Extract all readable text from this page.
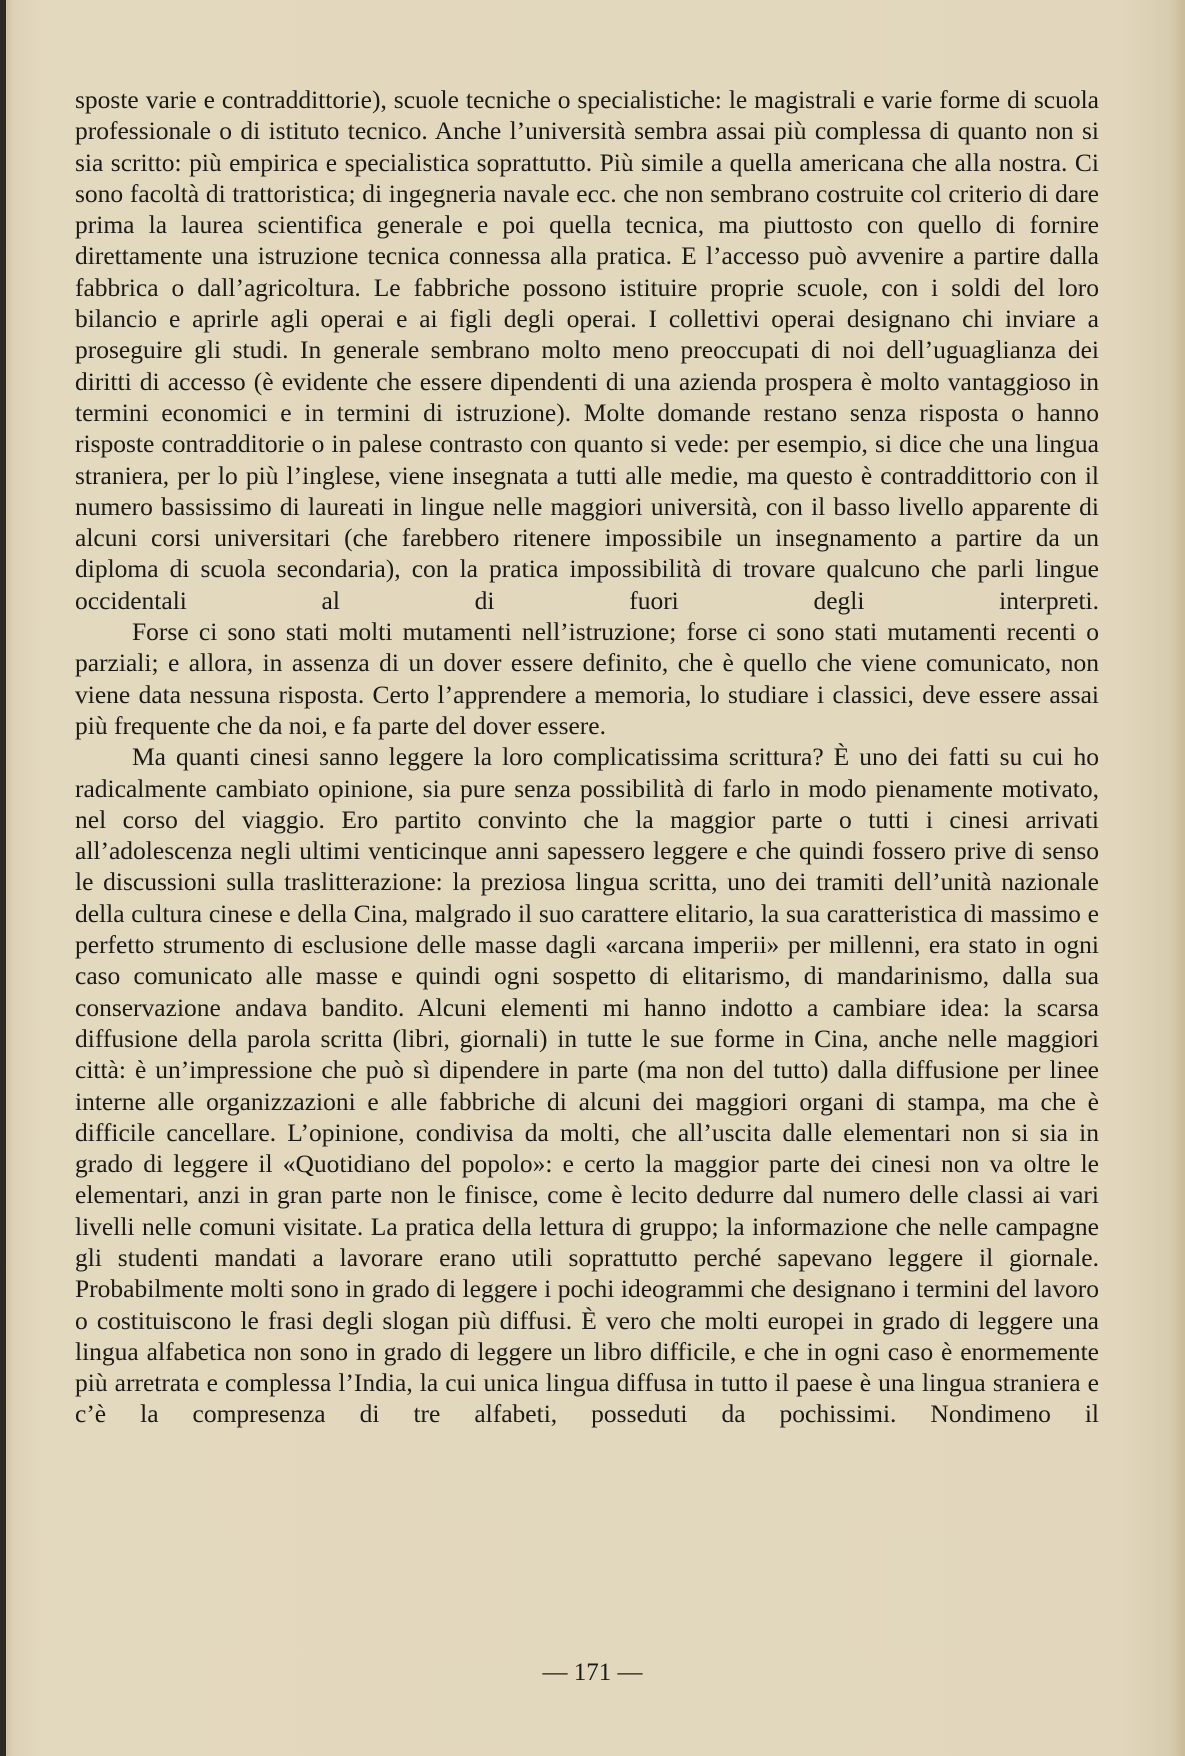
sposte varie e contraddittorie), scuole tecniche o specialistiche: le magistrali e varie forme di scuola professionale o di istituto tecnico. Anche l’università sembra assai più complessa di quanto non si sia scritto: più empirica e specialistica soprattutto. Più simile a quella americana che alla nostra. Ci sono facoltà di trattoristica; di ingegneria navale ecc. che non sembrano costruite col criterio di dare prima la laurea scientifica generale e poi quella tecnica, ma piuttosto con quello di fornire direttamente una istruzione tecnica connessa alla pratica. E l’accesso può avvenire a partire dalla fabbrica o dall’agricoltura. Le fabbriche possono istituire proprie scuole, con i soldi del loro bilancio e aprirle agli operai e ai figli degli operai. I collettivi operai designano chi inviare a proseguire gli studi. In generale sembrano molto meno preoccupati di noi dell’uguaglianza dei diritti di accesso (è evidente che essere dipendenti di una azienda prospera è molto vantaggioso in termini economici e in termini di istruzione). Molte domande restano senza risposta o hanno risposte contradditorie o in palese contrasto con quanto si vede: per esempio, si dice che una lingua straniera, per lo più l’inglese, viene insegnata a tutti alle medie, ma questo è contraddittorio con il numero bassissimo di laureati in lingue nelle maggiori università, con il basso livello apparente di alcuni corsi universitari (che farebbero ritenere impossibile un insegnamento a partire da un diploma di scuola secondaria), con la pratica impossibilità di trovare qualcuno che parli lingue occidentali al di fuori degli interpreti.

Forse ci sono stati molti mutamenti nell’istruzione; forse ci sono stati mutamenti recenti o parziali; e allora, in assenza di un dover essere definito, che è quello che viene comunicato, non viene data nessuna risposta. Certo l’apprendere a memoria, lo studiare i classici, deve essere assai più frequente che da noi, e fa parte del dover essere.

Ma quanti cinesi sanno leggere la loro complicatissima scrittura? È uno dei fatti su cui ho radicalmente cambiato opinione, sia pure senza possibilità di farlo in modo pienamente motivato, nel corso del viaggio. Ero partito convinto che la maggior parte o tutti i cinesi arrivati all’adolescenza negli ultimi venticinque anni sapessero leggere e che quindi fossero prive di senso le discussioni sulla traslitterazione: la preziosa lingua scritta, uno dei tramiti dell’unità nazionale della cultura cinese e della Cina, malgrado il suo carattere elitario, la sua caratteristica di massimo e perfetto strumento di esclusione delle masse dagli «arcana imperii» per millenni, era stato in ogni caso comunicato alle masse e quindi ogni sospetto di elitarismo, di mandarinismo, dalla sua conservazione andava bandito. Alcuni elementi mi hanno indotto a cambiare idea: la scarsa diffusione della parola scritta (libri, giornali) in tutte le sue forme in Cina, anche nelle maggiori città: è un’impressione che può sì dipendere in parte (ma non del tutto) dalla diffusione per linee interne alle organizzazioni e alle fabbriche di alcuni dei maggiori organi di stampa, ma che è difficile cancellare. L’opinione, condivisa da molti, che all’uscita dalle elementari non si sia in grado di leggere il «Quotidiano del popolo»: e certo la maggior parte dei cinesi non va oltre le elementari, anzi in gran parte non le finisce, come è lecito dedurre dal numero delle classi ai vari livelli nelle comuni visitate. La pratica della lettura di gruppo; la informazione che nelle campagne gli studenti mandati a lavorare erano utili soprattutto perché sapevano leggere il giornale. Probabilmente molti sono in grado di leggere i pochi ideogrammi che designano i termini del lavoro o costituiscono le frasi degli slogan più diffusi. È vero che molti europei in grado di leggere una lingua alfabetica non sono in grado di leggere un libro difficile, e che in ogni caso è enormemente più arretrata e complessa l’India, la cui unica lingua diffusa in tutto il paese è una lingua straniera e c’è la compresenza di tre alfabeti, posseduti da pochissimi. Nondimeno il

— 171 —
